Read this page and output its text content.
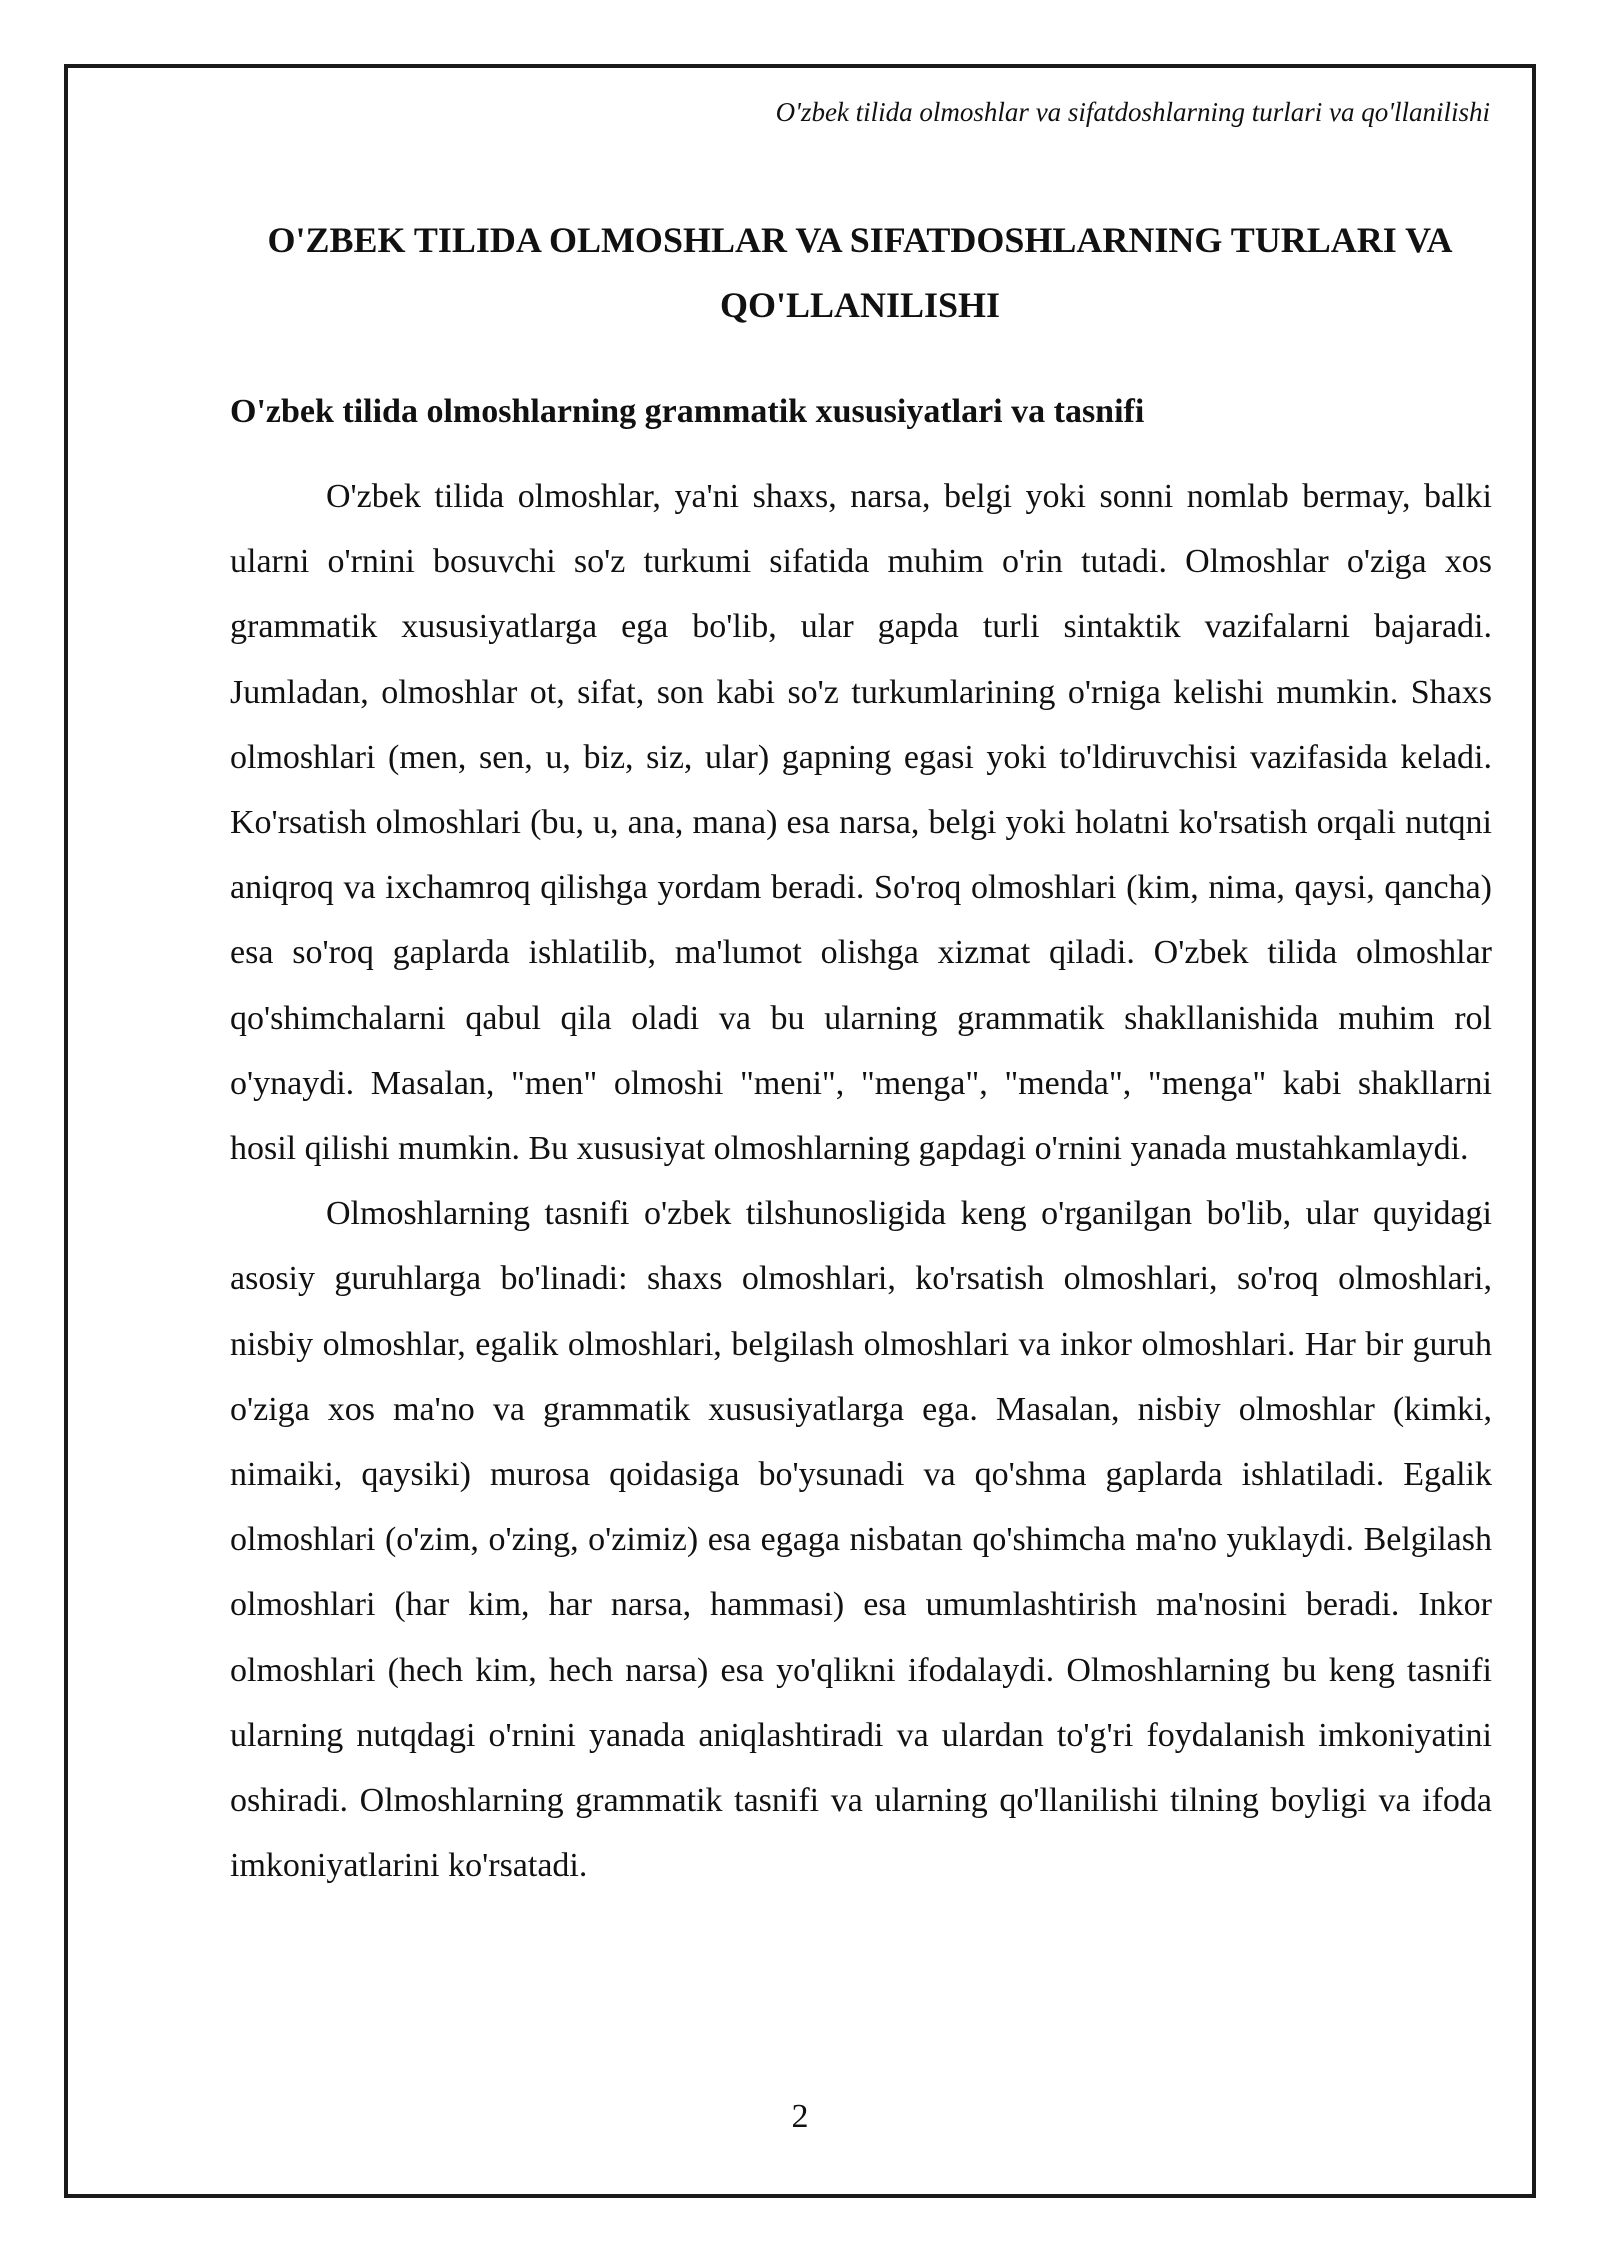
O'zbek tilida olmoshlar va sifatdoshlarning turlari va qo'llanilishi
O'ZBEK TILIDA OLMOSHLAR VA SIFATDOSHLARNING TURLARI VA QO'LLANILISHI
O'zbek tilida olmoshlarning grammatik xususiyatlari va tasnifi

O'zbek tilida olmoshlar, ya'ni shaxs, narsa, belgi yoki sonni nomlab bermay, balki ularni o'rnini bosuvchi so'z turkumi sifatida muhim o'rin tutadi. Olmoshlar o'ziga xos grammatik xususiyatlarga ega bo'lib, ular gapda turli sintaktik vazifalarni bajaradi. Jumladan, olmoshlar ot, sifat, son kabi so'z turkumlarining o'rniga kelishi mumkin. Shaxs olmoshlari (men, sen, u, biz, siz, ular) gapning egasi yoki to'ldiruvchisi vazifasida keladi. Ko'rsatish olmoshlari (bu, u, ana, mana) esa narsa, belgi yoki holatni ko'rsatish orqali nutqni aniqroq va ixchamroq qilishga yordam beradi. So'roq olmoshlari (kim, nima, qaysi, qancha) esa so'roq gaplarda ishlatilib, ma'lumot olishga xizmat qiladi. O'zbek tilida olmoshlar qo'shimchalarni qabul qila oladi va bu ularning grammatik shakllanishida muhim rol o'ynaydi. Masalan, "men" olmoshi "meni", "menga", "menda", "menga" kabi shakllarni hosil qilishi mumkin. Bu xususiyat olmoshlarning gapdagi o'rnini yanada mustahkamlaydi.

Olmoshlarning tasnifi o'zbek tilshunosligida keng o'rganilgan bo'lib, ular quyidagi asosiy guruhlarga bo'linadi: shaxs olmoshlari, ko'rsatish olmoshlari, so'roq olmoshlari, nisbiy olmoshlar, egalik olmoshlari, belgilash olmoshlari va inkor olmoshlari. Har bir guruh o'ziga xos ma'no va grammatik xususiyatlarga ega. Masalan, nisbiy olmoshlar (kimki, nimaiki, qaysiki) murosa qoidasiga bo'ysunadi va qo'shma gaplarda ishlatiladi. Egalik olmoshlari (o'zim, o'zing, o'zimiz) esa egaga nisbatan qo'shimcha ma'no yuklaydi. Belgilash olmoshlari (har kim, har narsa, hammasi) esa umumlashtirish ma'nosini beradi. Inkor olmoshlari (hech kim, hech narsa) esa yo'qlikni ifodalaydi. Olmoshlarning bu keng tasnifi ularning nutqdagi o'rnini yanada aniqlashtiradi va ulardan to'g'ri foydalanish imkoniyatini oshiradi. Olmoshlarning grammatik tasnifi va ularning qo'llanilishi tilning boyligi va ifoda imkoniyatlarini ko'rsatadi.

2
